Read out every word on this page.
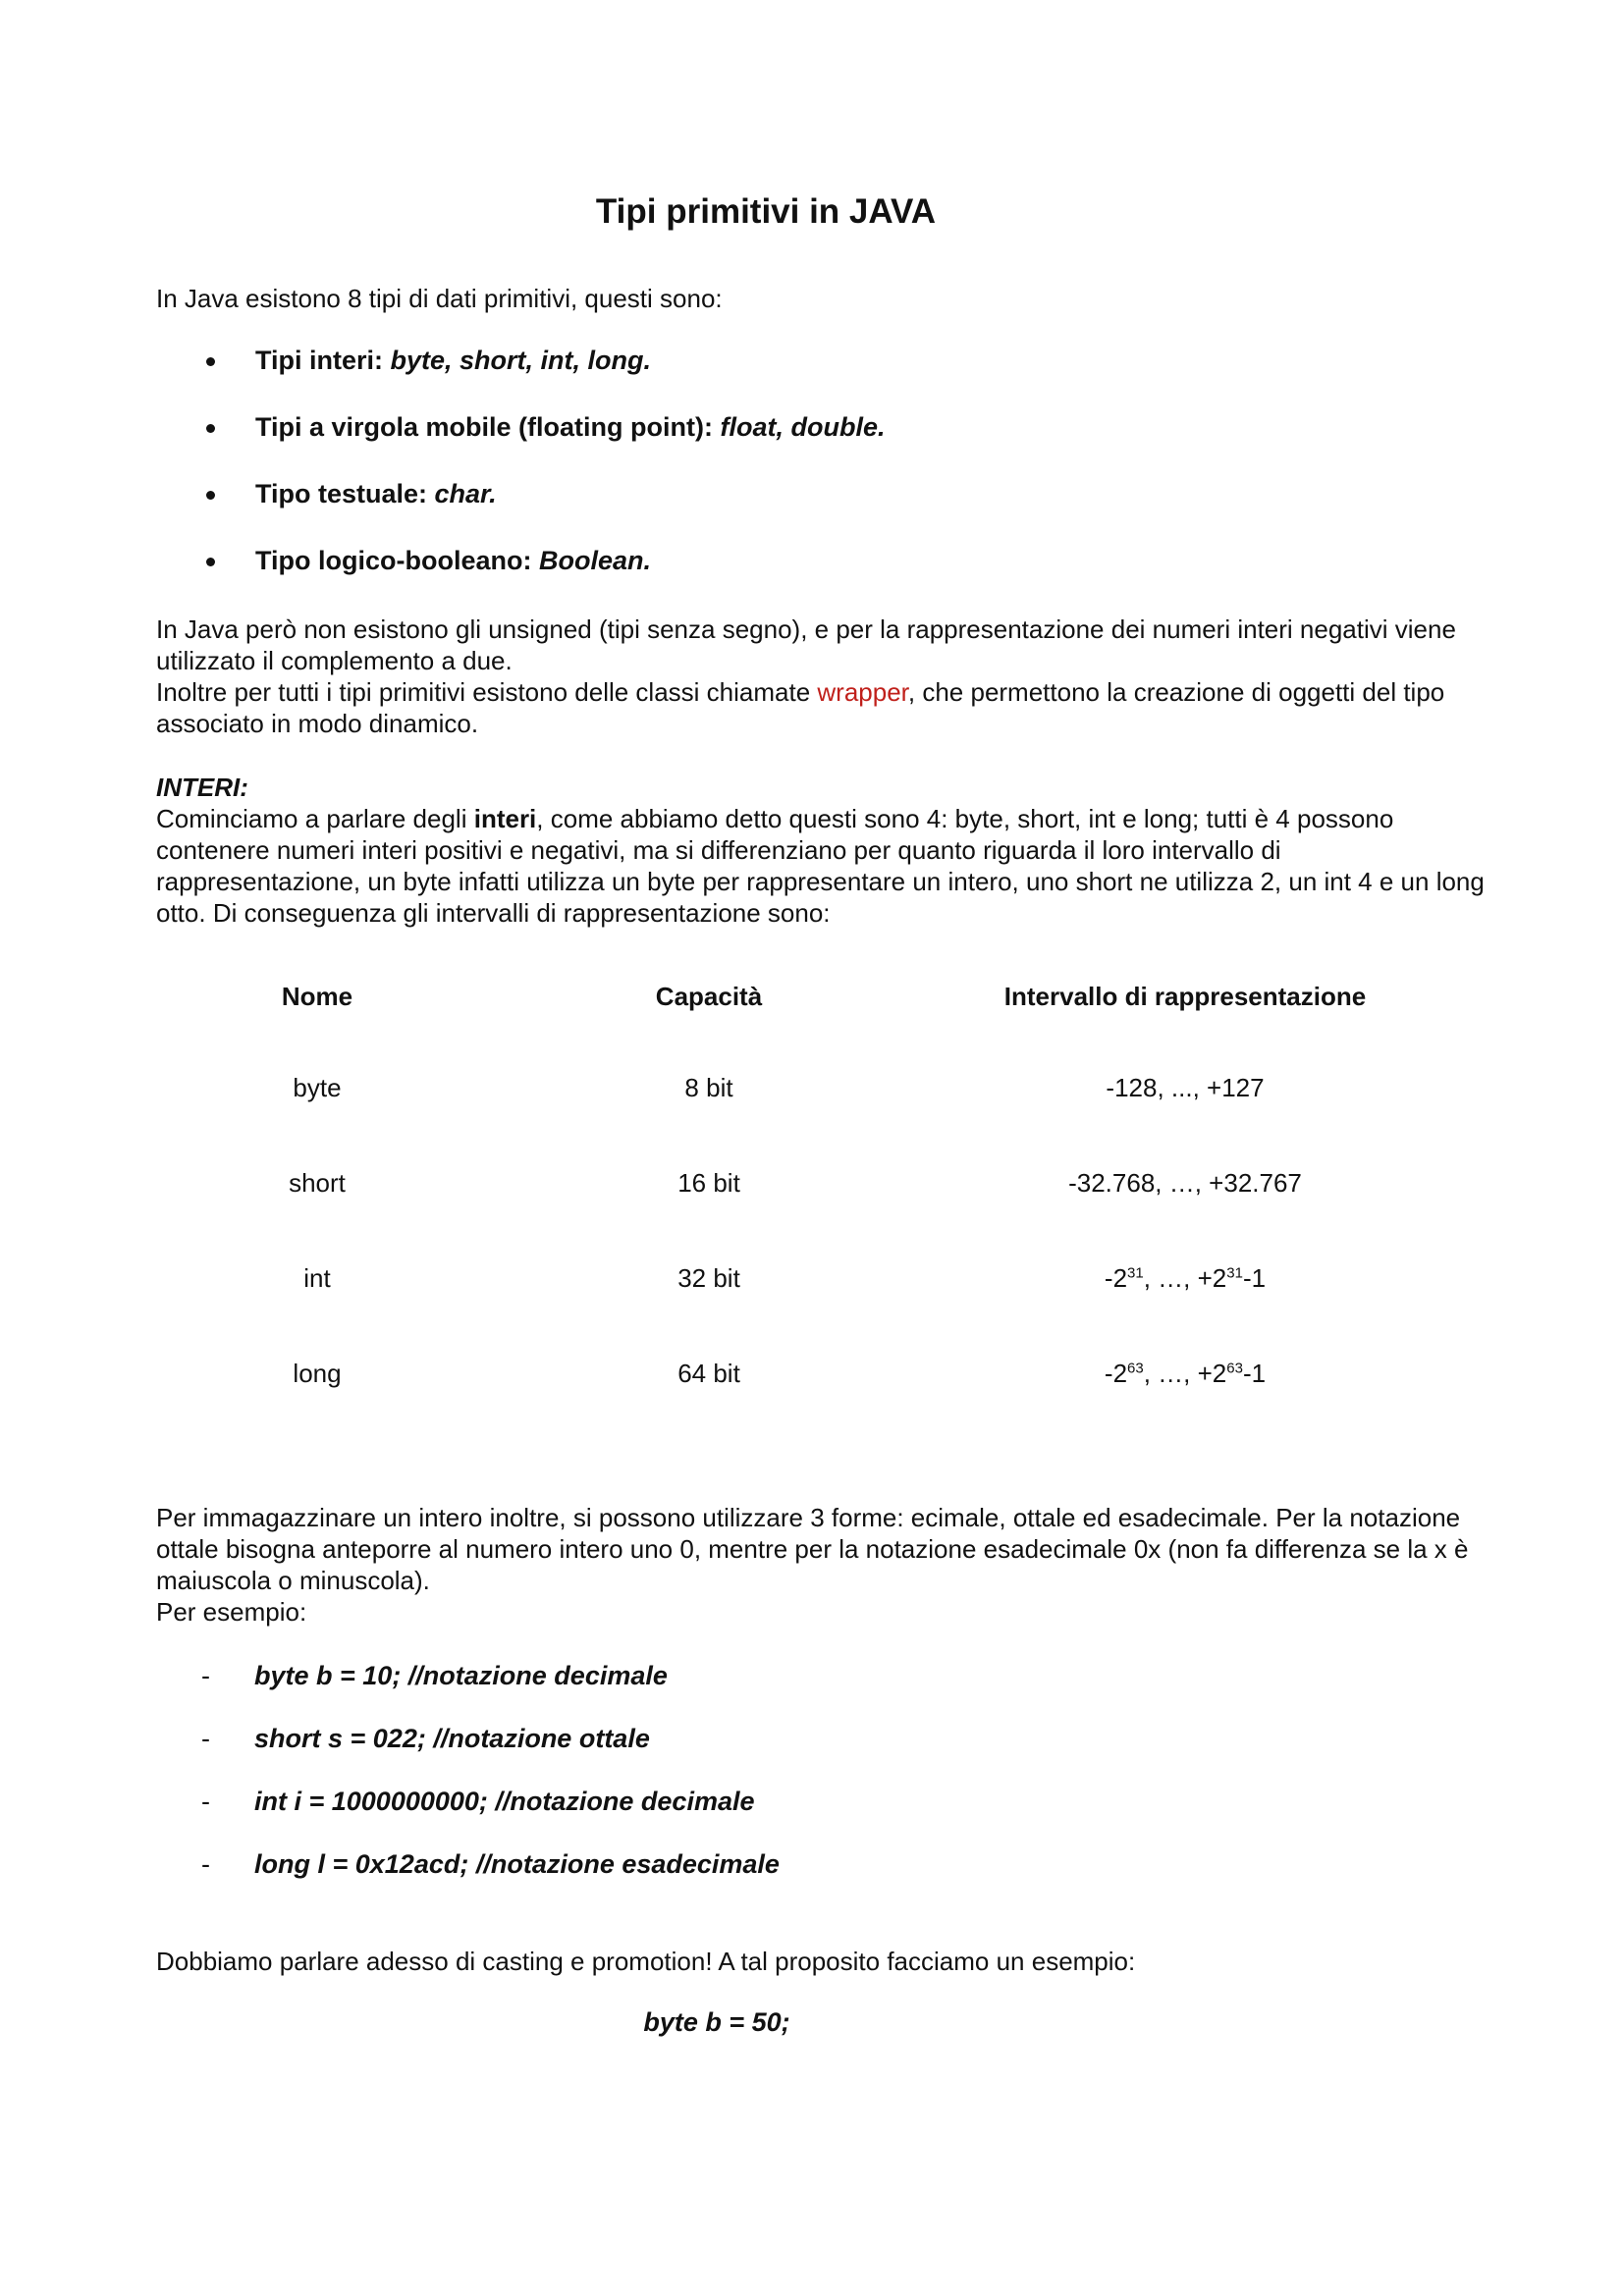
Tipi primitivi in JAVA

In Java esistono 8 tipi di dati primitivi, questi sono:

Tipi interi: byte, short, int, long.
Tipi a virgola mobile (floating point): float, double.
Tipo testuale: char.
Tipo logico-booleano: Boolean.

In Java però non esistono gli unsigned (tipi senza segno), e per la rappresentazione dei numeri interi negativi viene utilizzato il complemento a due.
Inoltre per tutti i tipi primitivi esistono delle classi chiamate wrapper, che permettono la creazione di oggetti del tipo associato in modo dinamico.

INTERI:
Cominciamo a parlare degli interi, come abbiamo detto questi sono 4: byte, short, int e long; tutti è 4 possono contenere numeri interi positivi e negativi, ma si differenziano per quanto riguarda il loro intervallo di rappresentazione, un byte infatti utilizza un byte per rappresentare un intero, uno short ne utilizza 2, un int 4 e un long otto. Di conseguenza gli intervalli di rappresentazione sono:

Nome	Capacità	Intervallo di rappresentazione
byte	8 bit	-128, ..., +127
short	16 bit	-32.768, …, +32.767
int	32 bit	$-2^{31}$, …, $+2^{31}-1$
long	64 bit	$-2^{63}$, …, $+2^{63}-1$

Per immagazzinare un intero inoltre, si possono utilizzare 3 forme: ecimale, ottale ed esadecimale. Per la notazione ottale bisogna anteporre al numero intero uno 0, mentre per la notazione esadecimale 0x (non fa differenza se la x è maiuscola o minuscola).
Per esempio:

- byte b = 10; //notazione decimale
- short s = 022; //notazione ottale
- int i = 1000000000; //notazione decimale
- long l = 0x12acd; //notazione esadecimale

Dobbiamo parlare adesso di casting e promotion! A tal proposito facciamo un esempio:

byte b = 50;
